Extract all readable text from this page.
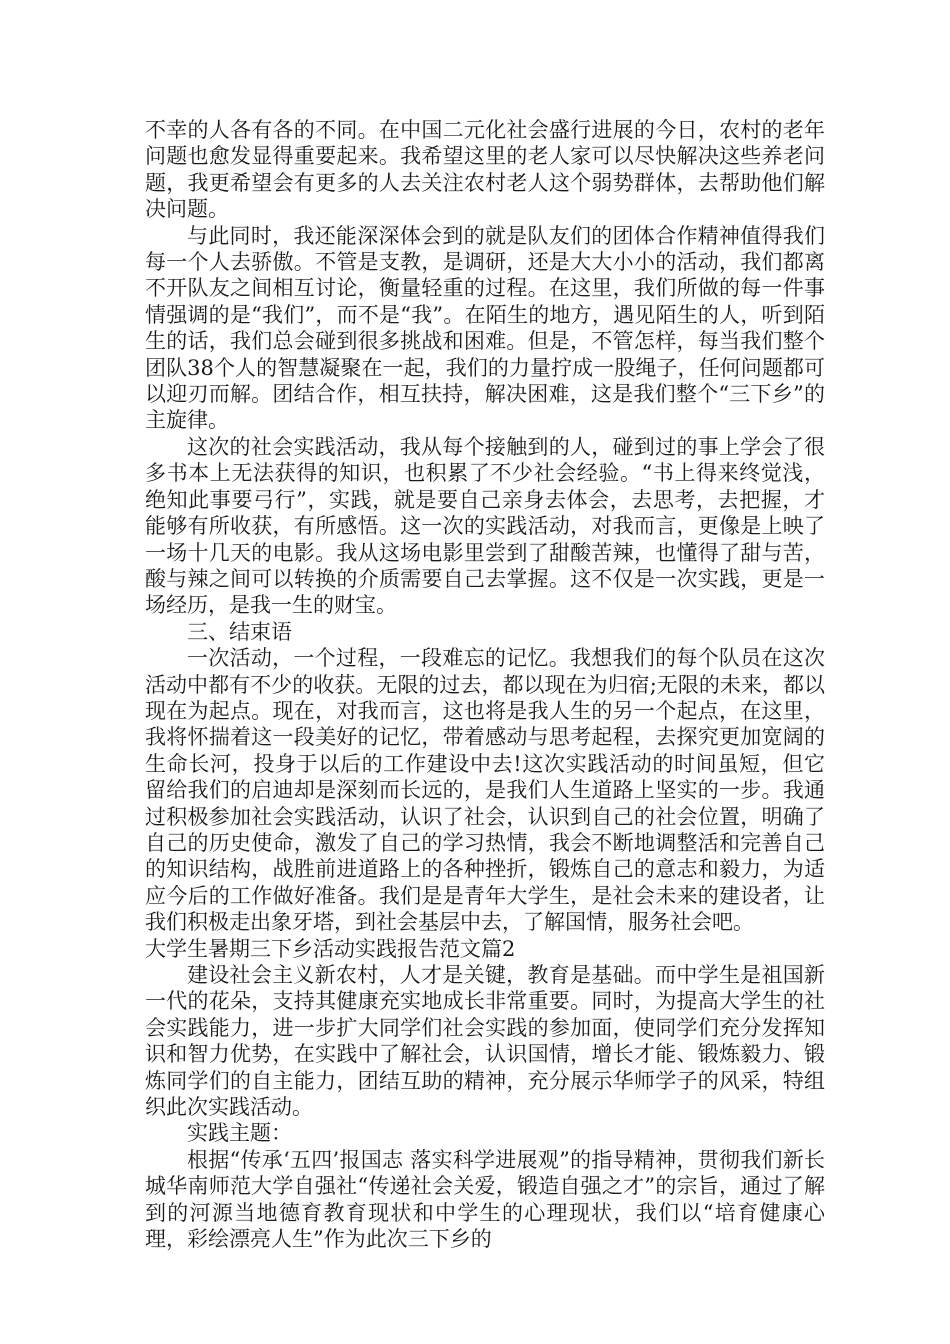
不幸的人各有各的不同。在中国二元化社会盛行进展的今日，农村的老年问题也愈发显得重要起来。我希望这里的老人家可以尽快解决这些养老问题，我更希望会有更多的人去关注农村老人这个弱势群体，去帮助他们解决问题。

与此同时，我还能深深体会到的就是队友们的团体合作精神值得我们每一个人去骄傲。不管是支教，是调研，还是大大小小的活动，我们都离不开队友之间相互讨论，衡量轻重的过程。在这里，我们所做的每一件事情强调的是“我们”，而不是“我”。在陌生的地方，遇见陌生的人，听到陌生的话，我们总会碰到很多挑战和困难。但是，不管怎样，每当我们整个团队38个人的智慧凝聚在一起，我们的力量拧成一股绳子，任何问题都可以迎刃而解。团结合作，相互扶持，解决困难，这是我们整个“三下乡”的主旋律。

这次的社会实践活动，我从每个接触到的人，碰到过的事上学会了很多书本上无法获得的知识，也积累了不少社会经验。“书上得来终觉浅，绝知此事要弓行”，实践，就是要自己亲身去体会，去思考，去把握，才能够有所收获，有所感悟。这一次的实践活动，对我而言，更像是上映了一场十几天的电影。我从这场电影里尝到了甜酸苦辣，也懂得了甜与苦，酸与辣之间可以转换的介质需要自己去掌握。这不仅是一次实践，更是一场经历，是我一生的财宝。

三、结束语

一次活动，一个过程，一段难忘的记忆。我想我们的每个队员在这次活动中都有不少的收获。无限的过去，都以现在为归宿;无限的未来，都以现在为起点。现在，对我而言，这也将是我人生的另一个起点，在这里，我将怀揣着这一段美好的记忆，带着感动与思考起程，去探究更加宽阔的生命长河，投身于以后的工作建设中去!这次实践活动的时间虽短，但它留给我们的启迪却是深刻而长远的，是我们人生道路上坚实的一步。我通过积极参加社会实践活动，认识了社会，认识到自己的社会位置，明确了自己的历史使命，激发了自己的学习热情，我会不断地调整活和完善自己的知识结构，战胜前进道路上的各种挫折，锻炼自己的意志和毅力，为适应今后的工作做好准备。我们是是青年大学生，是社会未来的建设者，让我们积极走出象牙塔，到社会基层中去，了解国情，服务社会吧。

大学生暑期三下乡活动实践报告范文篇2

建设社会主义新农村，人才是关键，教育是基础。而中学生是祖国新一代的花朵，支持其健康充实地成长非常重要。同时，为提高大学生的社会实践能力，进一步扩大同学们社会实践的参加面，使同学们充分发挥知识和智力优势，在实践中了解社会，认识国情，增长才能、锻炼毅力、锻炼同学们的自主能力，团结互助的精神，充分展示华师学子的风采，特组织此次实践活动。

实践主题：

根据“传承‘五四’报国志 落实科学进展观”的指导精神，贯彻我们新长城华南师范大学自强社“传递社会关爱，锻造自强之才”的宗旨，通过了解到的河源当地德育教育现状和中学生的心理现状，我们以“培育健康心理，彩绘漂亮人生”作为此次三下乡的
